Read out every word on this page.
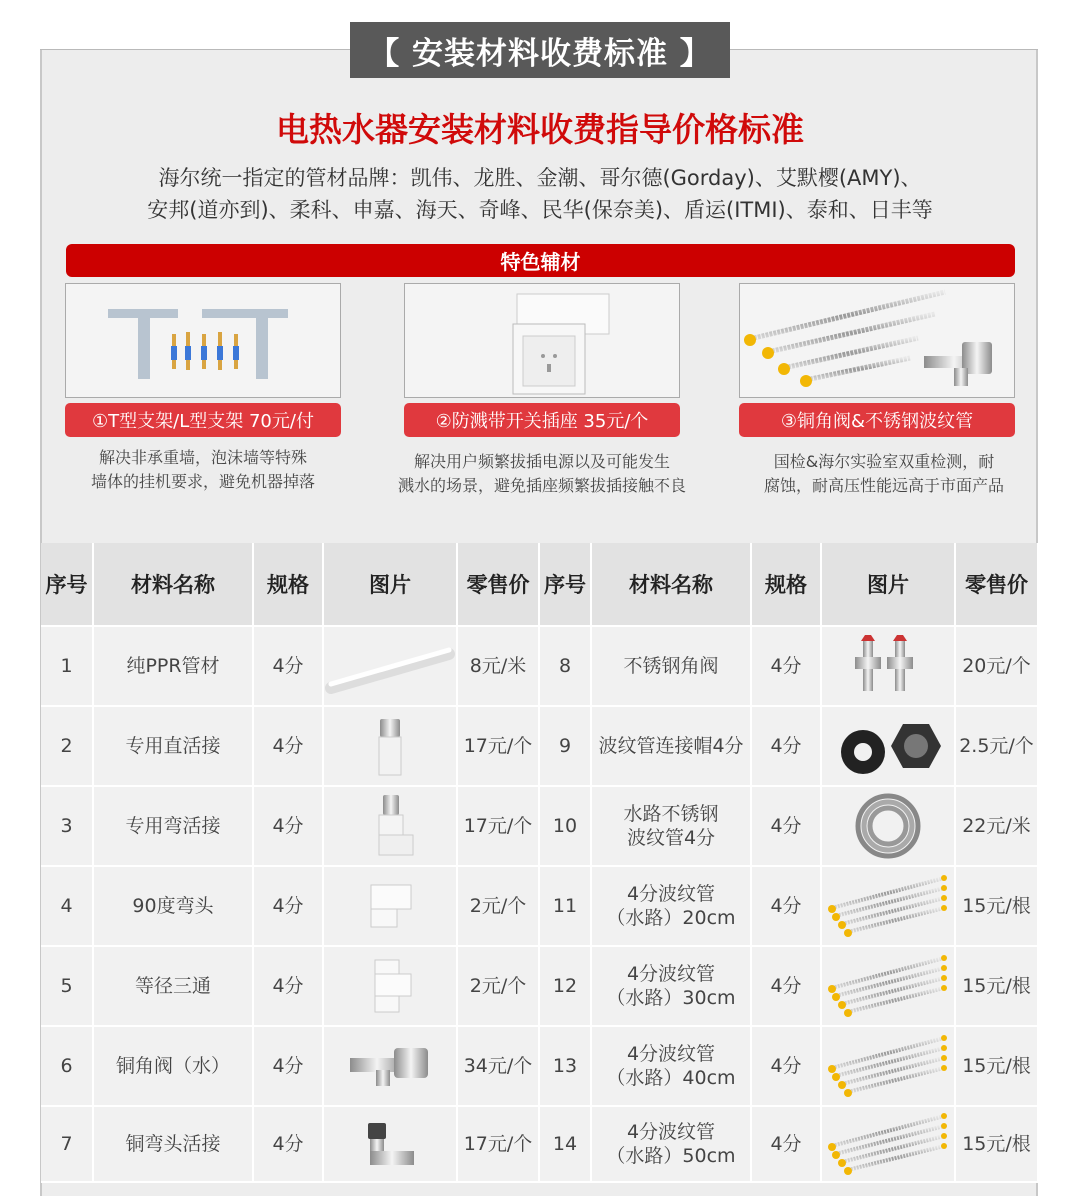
【 安装材料收费标准 】
电热水器安装材料收费指导价格标准
海尔统一指定的管材品牌：凯伟、龙胜、金潮、哥尔德(Gorday)、艾默樱(AMY)、
安邦(道亦到)、柔科、申嘉、海天、奇峰、民华(保奈美)、盾运(ITMI)、泰和、日丰等
特色辅材
①T型支架/L型支架 70元/付	②防溅带开关插座 35元/个	③铜角阀&不锈钢波纹管
解决非承重墙，泡沫墙等特殊
墙体的挂机要求，避免机器掉落
解决用户频繁拔插电源以及可能发生
溅水的场景，避免插座频繁拔插接触不良
国检&海尔实验室双重检测，耐
腐蚀，耐高压性能远高于市面产品
序号	材料名称	规格	图片	零售价	序号	材料名称	规格	图片	零售价
1	纯PPR管材	4分		8元/米	8	不锈钢角阀	4分		20元/个
2	专用直活接	4分		17元/个	9	波纹管连接帽4分	4分		2.5元/个
3	专用弯活接	4分		17元/个	10	水路不锈钢
波纹管4分	4分		22元/米
4	90度弯头	4分		2元/个	11	4分波纹管
（水路）20cm	4分		15元/根
5	等径三通	4分		2元/个	12	4分波纹管
（水路）30cm	4分		15元/根
6	铜角阀（水）	4分		34元/个	13	4分波纹管
（水路）40cm	4分		15元/根
7	铜弯头活接	4分		17元/个	14	4分波纹管
（水路）50cm	4分		15元/根
